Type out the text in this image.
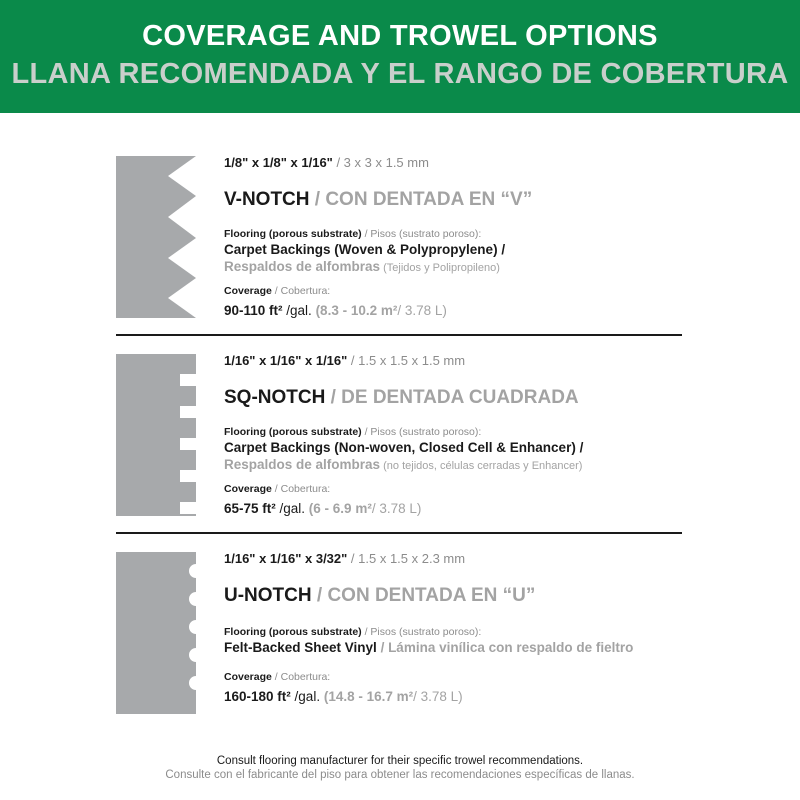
COVERAGE AND TROWEL OPTIONS
LLANA RECOMENDADA Y EL RANGO DE COBERTURA
1/8" x 1/8" x 1/16" / 3 x 3 x 1.5 mm
V-NOTCH / CON DENTADA EN “V”
Flooring (porous substrate) / Pisos (sustrato poroso):
Carpet Backings (Woven & Polypropylene) /
Respaldos de alfombras (Tejidos y Polipropileno)
Coverage / Cobertura:
90-110 ft² /gal. (8.3 - 10.2 m²/ 3.78 L)
1/16" x 1/16" x 1/16" / 1.5 x 1.5 x 1.5 mm
SQ-NOTCH / DE DENTADA CUADRADA
Flooring (porous substrate) / Pisos (sustrato poroso):
Carpet Backings (Non-woven, Closed Cell & Enhancer) /
Respaldos de alfombras (no tejidos, células cerradas y Enhancer)
Coverage / Cobertura:
65-75 ft² /gal. (6 - 6.9 m²/ 3.78 L)
1/16" x 1/16" x 3/32" / 1.5 x 1.5 x 2.3 mm
U-NOTCH / CON DENTADA EN “U”
Flooring (porous substrate) / Pisos (sustrato poroso):
Felt-Backed Sheet Vinyl / Lámina vinílica con respaldo de fieltro
Coverage / Cobertura:
160-180 ft² /gal. (14.8 - 16.7 m²/ 3.78 L)
Consult flooring manufacturer for their specific trowel recommendations.
Consulte con el fabricante del piso para obtener las recomendaciones específicas de llanas.
